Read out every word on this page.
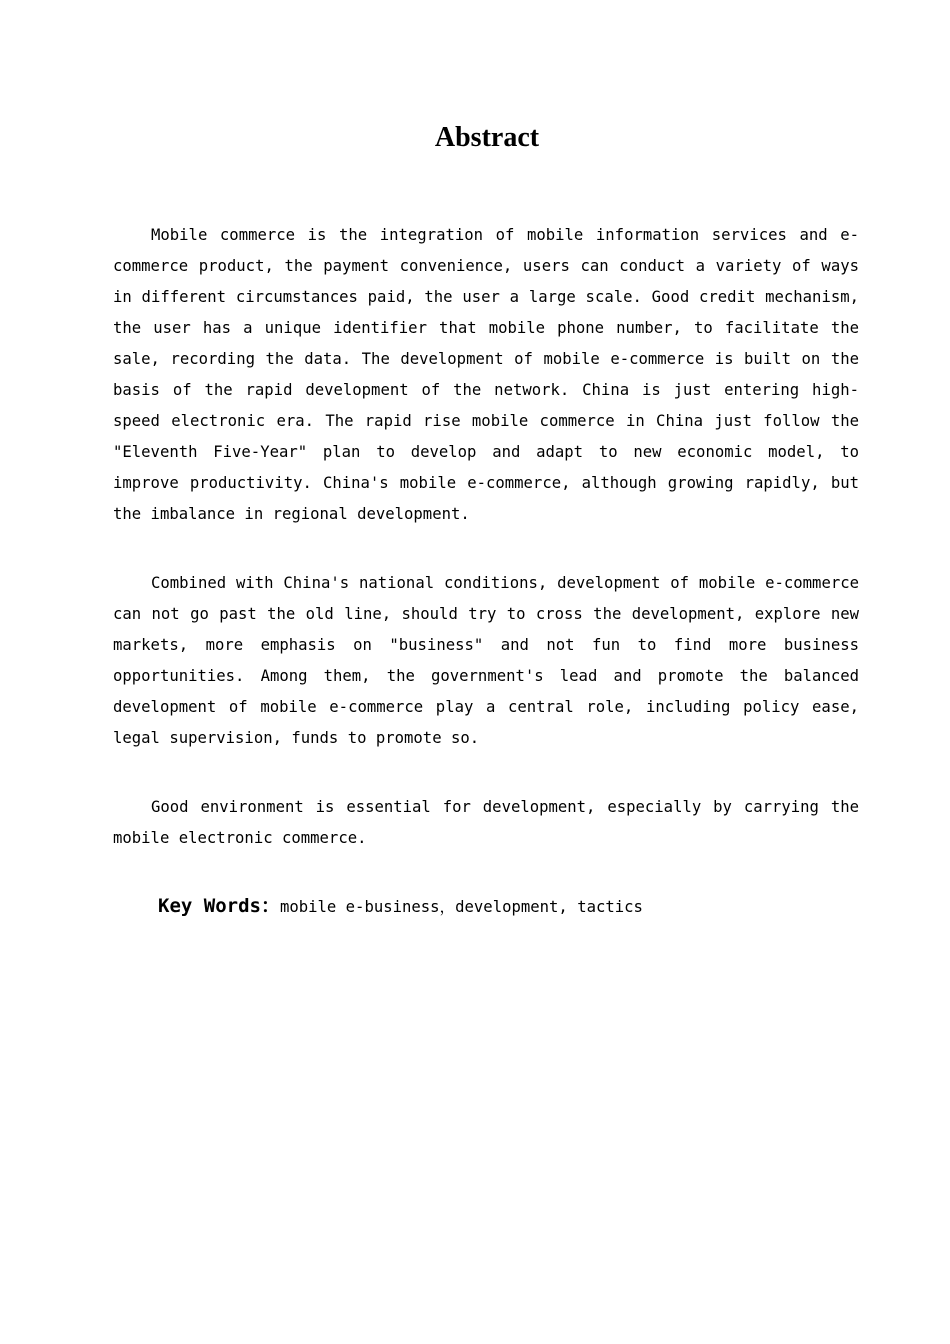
Abstract

Mobile commerce is the integration of mobile information services and e-commerce product, the payment convenience, users can conduct a variety of ways in different circumstances paid, the user a large scale. Good credit mechanism, the user has a unique identifier that mobile phone number, to facilitate the sale, recording the data. The development of mobile e-commerce is built on the basis of the rapid development of the network. China is just entering high-speed electronic era. The rapid rise mobile commerce in China just follow the "Eleventh Five-Year" plan to develop and adapt to new economic model, to improve productivity. China's mobile e-commerce, although growing rapidly, but the imbalance in regional development.

Combined with China's national conditions, development of mobile e-commerce can not go past the old line, should try to cross the development, explore new markets, more emphasis on "business" and not fun to find more business opportunities. Among them, the government's lead and promote the balanced development of mobile e-commerce play a central role, including policy ease, legal supervision, funds to promote so.

Good environment is essential for development, especially by carrying the mobile electronic commerce.

Key Words：mobile e-business，development, tactics
